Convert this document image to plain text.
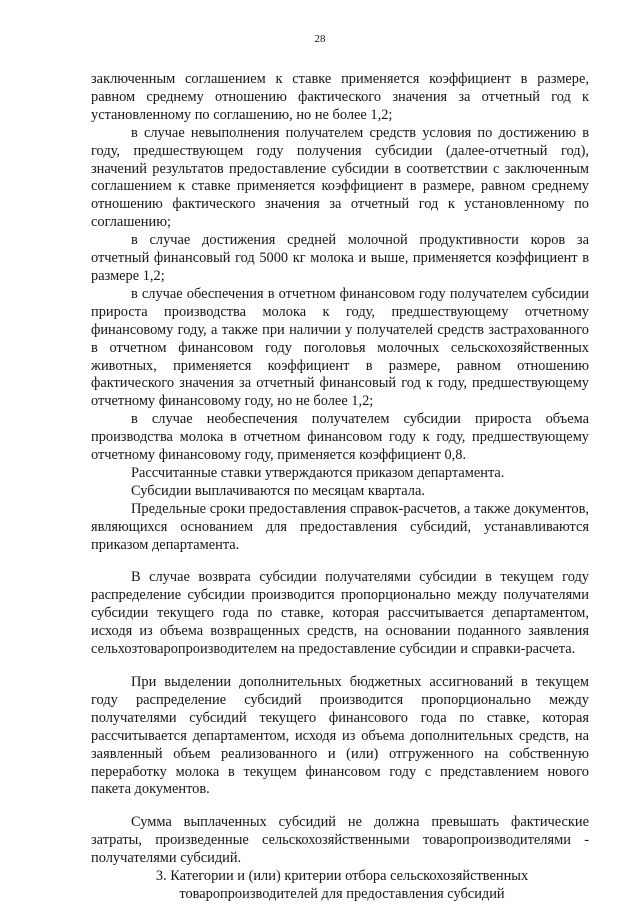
28

заключенным соглашением к ставке применяется коэффициент в размере, равном среднему отношению фактического значения за отчетный год к установленному по соглашению, но не более 1,2;

в случае невыполнения получателем средств условия по достижению в году, предшествующем году получения субсидии (далее-отчетный год), значений результатов предоставление субсидии в соответствии с заключенным соглашением к ставке применяется коэффициент в размере, равном среднему отношению фактического значения за отчетный год к установленному по соглашению;

в случае достижения средней молочной продуктивности коров за отчетный финансовый год 5000 кг молока и выше, применяется коэффициент в размере 1,2;

в случае обеспечения в отчетном финансовом году получателем субсидии прироста производства молока к году, предшествующему отчетному финансовому году, а также при наличии у получателей средств застрахованного в отчетном финансовом году поголовья молочных сельскохозяйственных животных, применяется коэффициент в размере, равном отношению фактического значения за отчетный финансовый год к году, предшествующему отчетному финансовому году, но не более 1,2;

в случае необеспечения получателем субсидии прироста объема производства молока в отчетном финансовом году к году, предшествующему отчетному финансовому году, применяется коэффициент 0,8.

Рассчитанные ставки утверждаются приказом департамента.

Субсидии выплачиваются по месяцам квартала.

Предельные сроки предоставления справок-расчетов, а также документов, являющихся основанием для предоставления субсидий, устанавливаются приказом департамента.

В случае возврата субсидии получателями субсидии в текущем году распределение субсидии производится пропорционально между получателями субсидии текущего года по ставке, которая рассчитывается департаментом, исходя из объема возвращенных средств, на основании поданного заявления сельхозтоваропроизводителем на предоставление субсидии и справки-расчета.

При выделении дополнительных бюджетных ассигнований в текущем году распределение субсидий производится пропорционально между получателями субсидий текущего финансового года по ставке, которая рассчитывается департаментом, исходя из объема дополнительных средств, на заявленный объем реализованного и (или) отгруженного на собственную переработку молока в текущем финансовом году с представлением нового пакета документов.

Сумма выплаченных субсидий не должна превышать фактические затраты, произведенные сельскохозяйственными товаропроизводителями - получателями субсидий.

3. Категории и (или) критерии отбора сельскохозяйственных товаропроизводителей для предоставления субсидий
